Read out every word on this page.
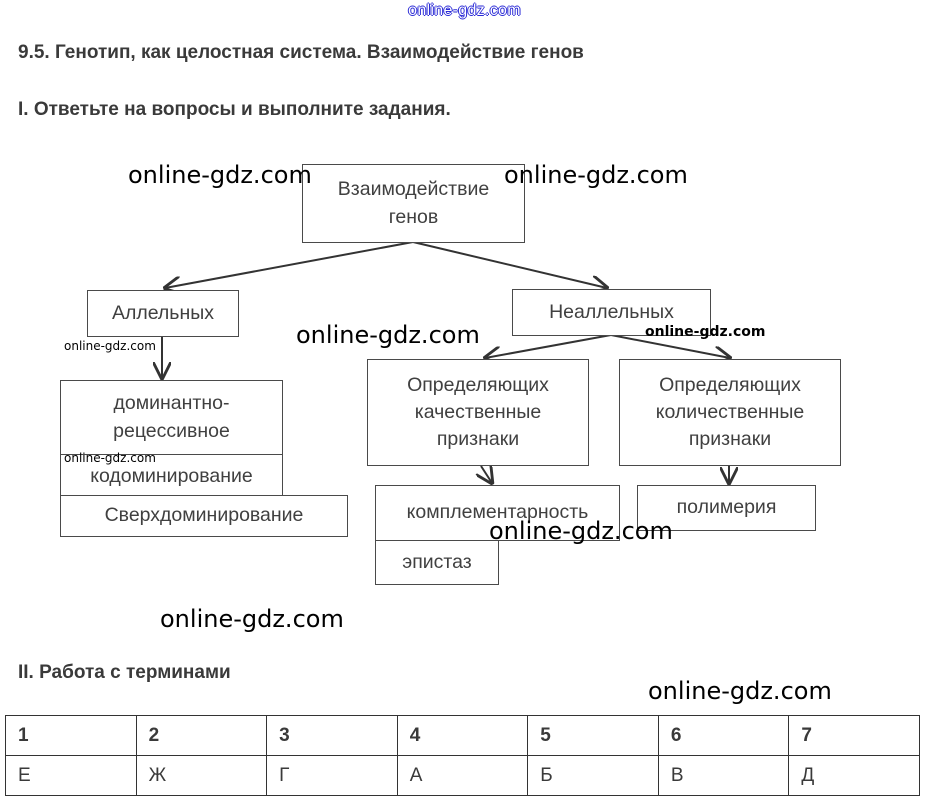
online-gdz.com
9.5. Генотип, как целостная система. Взаимодействие генов
I. Ответьте на вопросы и выполните задания.
Взаимодействие
генов
Аллельных	Неаллельных
доминантно-
рецессивное
кодоминирование
Сверхдоминирование
Определяющих
качественные
признаки
Определяющих
количественные
признаки
комплементарность
эпистаз
полимерия
online-gdz.com	online-gdz.com
online-gdz.com	online-gdz.com
online-gdz.com
online-gdz.com
online-gdz.com
online-gdz.com
online-gdz.com
II. Работа с терминами
1	2	3	4	5	6	7
Е	Ж	Г	А	Б	В	Д
